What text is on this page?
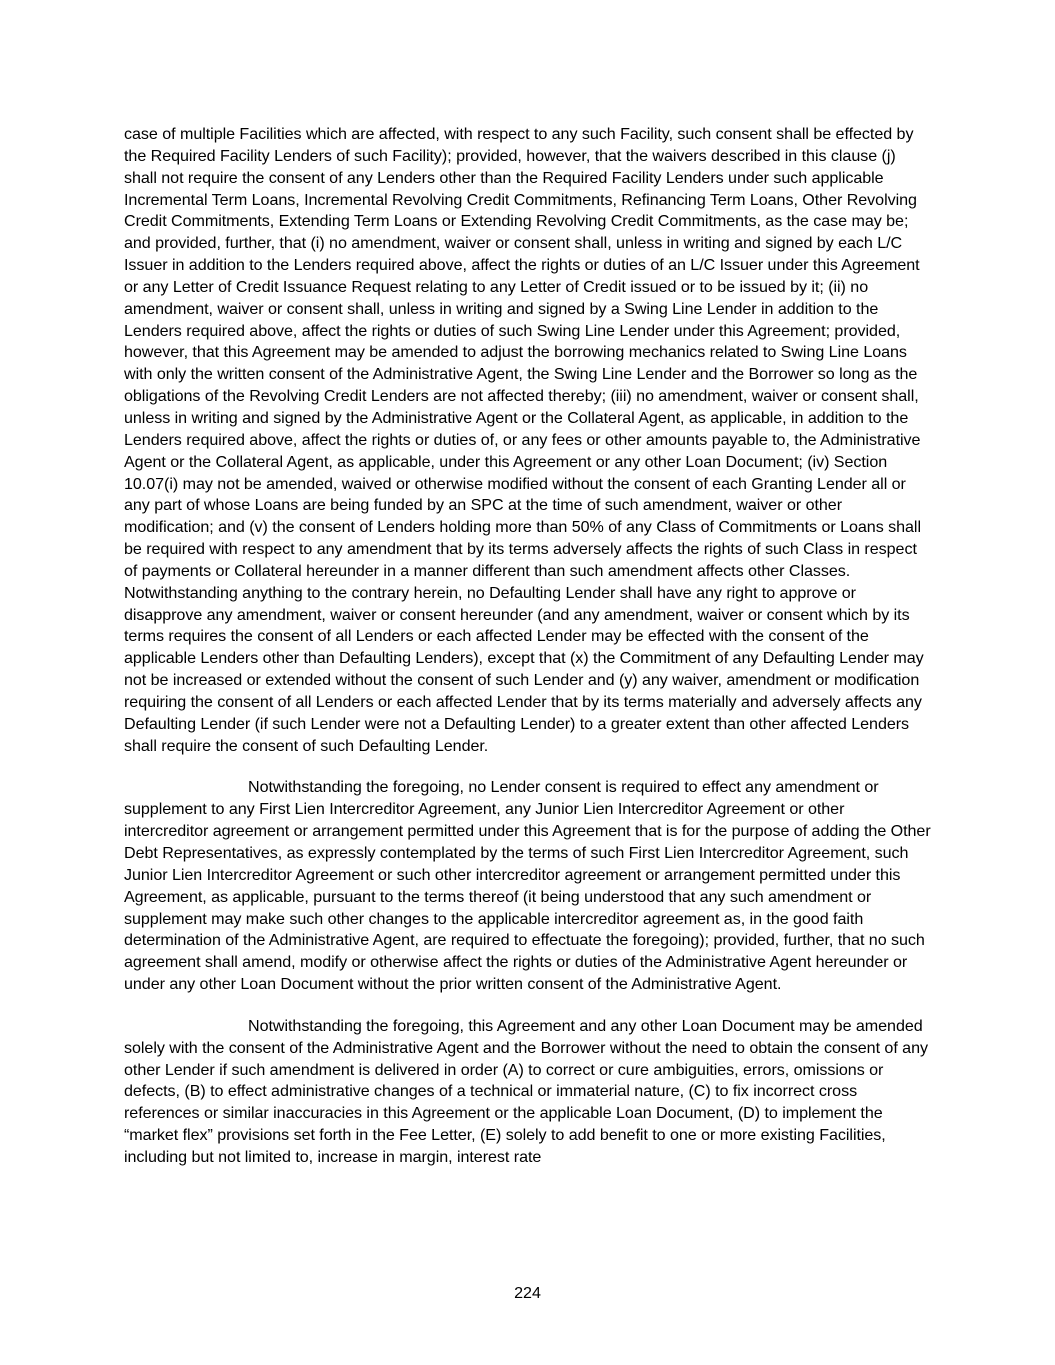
case of multiple Facilities which are affected, with respect to any such Facility, such consent shall be effected by the Required Facility Lenders of such Facility); provided, however, that the waivers described in this clause (j) shall not require the consent of any Lenders other than the Required Facility Lenders under such applicable Incremental Term Loans, Incremental Revolving Credit Commitments, Refinancing Term Loans, Other Revolving Credit Commitments, Extending Term Loans or Extending Revolving Credit Commitments, as the case may be; and provided, further, that (i) no amendment, waiver or consent shall, unless in writing and signed by each L/C Issuer in addition to the Lenders required above, affect the rights or duties of an L/C Issuer under this Agreement or any Letter of Credit Issuance Request relating to any Letter of Credit issued or to be issued by it; (ii) no amendment, waiver or consent shall, unless in writing and signed by a Swing Line Lender in addition to the Lenders required above, affect the rights or duties of such Swing Line Lender under this Agreement; provided, however, that this Agreement may be amended to adjust the borrowing mechanics related to Swing Line Loans with only the written consent of the Administrative Agent, the Swing Line Lender and the Borrower so long as the obligations of the Revolving Credit Lenders are not affected thereby; (iii) no amendment, waiver or consent shall, unless in writing and signed by the Administrative Agent or the Collateral Agent, as applicable, in addition to the Lenders required above, affect the rights or duties of, or any fees or other amounts payable to, the Administrative Agent or the Collateral Agent, as applicable, under this Agreement or any other Loan Document; (iv) Section 10.07(i) may not be amended, waived or otherwise modified without the consent of each Granting Lender all or any part of whose Loans are being funded by an SPC at the time of such amendment, waiver or other modification; and (v) the consent of Lenders holding more than 50% of any Class of Commitments or Loans shall be required with respect to any amendment that by its terms adversely affects the rights of such Class in respect of payments or Collateral hereunder in a manner different than such amendment affects other Classes. Notwithstanding anything to the contrary herein, no Defaulting Lender shall have any right to approve or disapprove any amendment, waiver or consent hereunder (and any amendment, waiver or consent which by its terms requires the consent of all Lenders or each affected Lender may be effected with the consent of the applicable Lenders other than Defaulting Lenders), except that (x) the Commitment of any Defaulting Lender may not be increased or extended without the consent of such Lender and (y) any waiver, amendment or modification requiring the consent of all Lenders or each affected Lender that by its terms materially and adversely affects any Defaulting Lender (if such Lender were not a Defaulting Lender) to a greater extent than other affected Lenders shall require the consent of such Defaulting Lender.

Notwithstanding the foregoing, no Lender consent is required to effect any amendment or supplement to any First Lien Intercreditor Agreement, any Junior Lien Intercreditor Agreement or other intercreditor agreement or arrangement permitted under this Agreement that is for the purpose of adding the Other Debt Representatives, as expressly contemplated by the terms of such First Lien Intercreditor Agreement, such Junior Lien Intercreditor Agreement or such other intercreditor agreement or arrangement permitted under this Agreement, as applicable, pursuant to the terms thereof (it being understood that any such amendment or supplement may make such other changes to the applicable intercreditor agreement as, in the good faith determination of the Administrative Agent, are required to effectuate the foregoing); provided, further, that no such agreement shall amend, modify or otherwise affect the rights or duties of the Administrative Agent hereunder or under any other Loan Document without the prior written consent of the Administrative Agent.

Notwithstanding the foregoing, this Agreement and any other Loan Document may be amended solely with the consent of the Administrative Agent and the Borrower without the need to obtain the consent of any other Lender if such amendment is delivered in order (A) to correct or cure ambiguities, errors, omissions or defects, (B) to effect administrative changes of a technical or immaterial nature, (C) to fix incorrect cross references or similar inaccuracies in this Agreement or the applicable Loan Document, (D) to implement the “market flex” provisions set forth in the Fee Letter, (E) solely to add benefit to one or more existing Facilities, including but not limited to, increase in margin, interest rate

224
